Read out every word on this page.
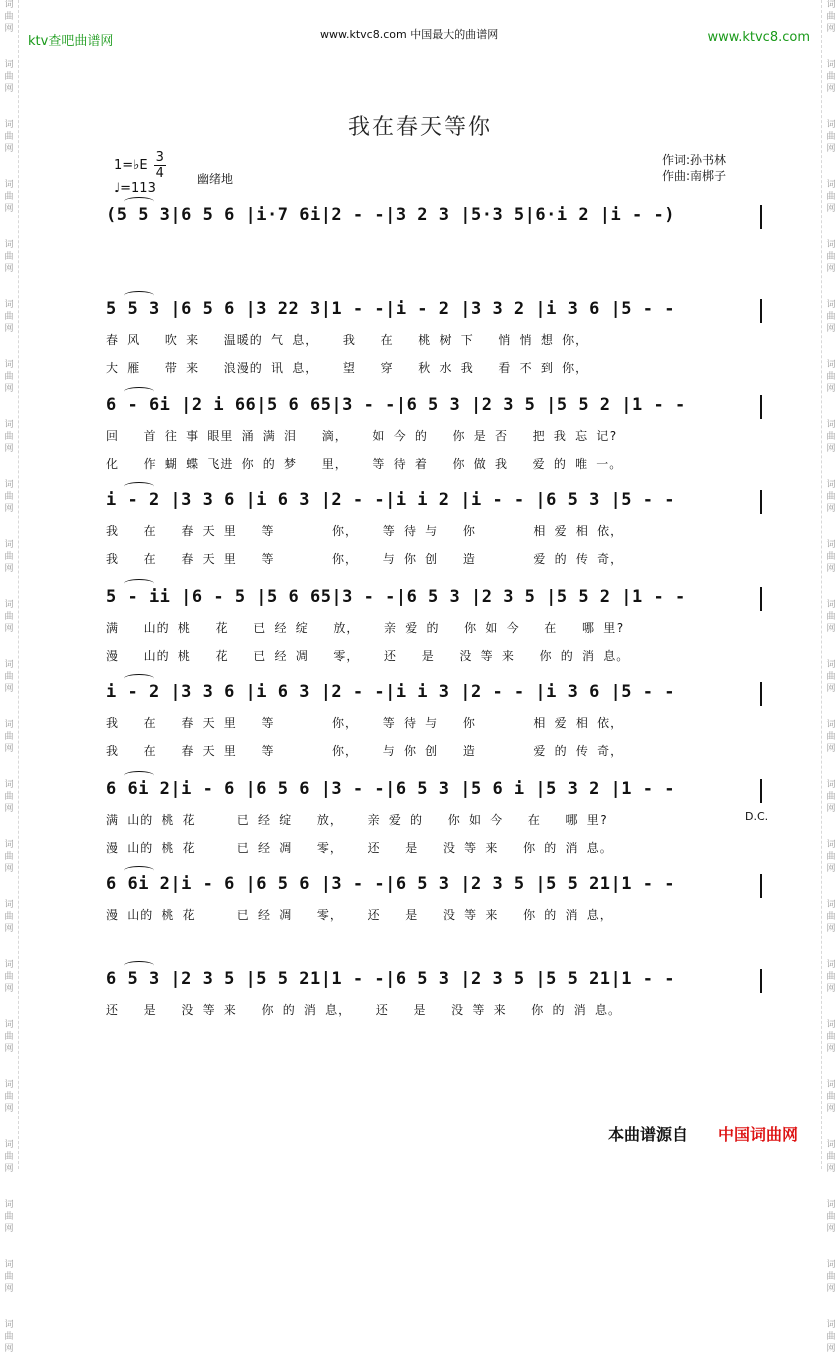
词
曲
网
词
曲
网
词
曲
网
词
曲
网
词
曲
网
词
曲
网
词
曲
网
词
曲
网
词
曲
网
词
曲
网
词
曲
网
词
曲
网
词
曲
网
词
曲
网
词
曲
网
词
曲
网
词
曲
网
词
曲
网
词
曲
网
词
曲
网
词
曲
网
词
曲
网
词
曲
网
词
曲
网
词
曲
网
词
曲
网
词
曲
网
词
曲
网
词
曲
网
词
曲
网
词
曲
网
词
曲
网
词
曲
网
词
曲
网
词
曲
网
词
曲
网
词
曲
网
词
曲
网
词
曲
网
词
曲
网
词
曲
网
词
曲
网
词
曲
网
词
曲
网
词
曲
网
词
曲
网
ktv查吧曲谱网	www.ktvc8.com 中国最大的曲谱网	www.ktvc8.com
我在春天等你
1=♭E $\frac{3}{4}$
♩=113
幽绪地
作词:孙书林
作曲:南梆子
(5 5 3|6 5 6 |i·7 6i|2 - -|3 2 3 |5·3 5|6·i 2 |i - -)
5 5 3 |6 5 6 |3 22 3|1 - -|i - 2 |3 3 2 |i 3 6 |5 - -
春 风   吹 来   温暖的 气 息，   我   在   桃 树 下   悄 悄 想 你，
大 雁   带 来   浪漫的 讯 息，   望   穿   秋 水 我   看 不 到 你，
6 - 6i |2 i 66|5 6 65|3 - -|6 5 3 |2 3 5 |5 5 2 |1 - -
回   首 往 事 眼里 涌 满 泪   滴，   如 今 的   你 是 否   把 我 忘 记?
化   作 蝴 蝶 飞进 你 的 梦   里，   等 待 着   你 做 我   爱 的 唯 一。
i - 2 |3 3 6 |i 6 3 |2 - -|i i 2 |i - - |6 5 3 |5 - -
我   在   春 天 里   等       你，   等 待 与   你       相 爱 相 依，
我   在   春 天 里   等       你，   与 你 创   造       爱 的 传 奇，
5 - ii |6 - 5 |5 6 65|3 - -|6 5 3 |2 3 5 |5 5 2 |1 - -
满   山的 桃   花   已 经 绽   放，   亲 爱 的   你 如 今   在   哪 里?
漫   山的 桃   花   已 经 凋   零，   还   是   没 等 来   你 的 消 息。
i - 2 |3 3 6 |i 6 3 |2 - -|i i 3 |2 - - |i 3 6 |5 - -
我   在   春 天 里   等       你，   等 待 与   你       相 爱 相 依，
我   在   春 天 里   等       你，   与 你 创   造       爱 的 传 奇，
6 6i 2|i - 6 |6 5 6 |3 - -|6 5 3 |5 6 i |5 3 2 |1 - -
满 山的 桃 花     已 经 绽   放，   亲 爱 的   你 如 今   在   哪 里?
漫 山的 桃 花     已 经 凋   零，   还   是   没 等 来   你 的 消 息。
6 6i 2|i - 6 |6 5 6 |3 - -|6 5 3 |2 3 5 |5 5 21|1 - -
漫 山的 桃 花     已 经 凋   零，   还   是   没 等 来   你 的 消 息，
6 5 3 |2 3 5 |5 5 21|1 - -|6 5 3 |2 3 5 |5 5 21|1 - -
还   是   没 等 来   你 的 消 息，   还   是   没 等 来   你 的 消 息。
D.C.
本曲谱源自 中国词曲网
